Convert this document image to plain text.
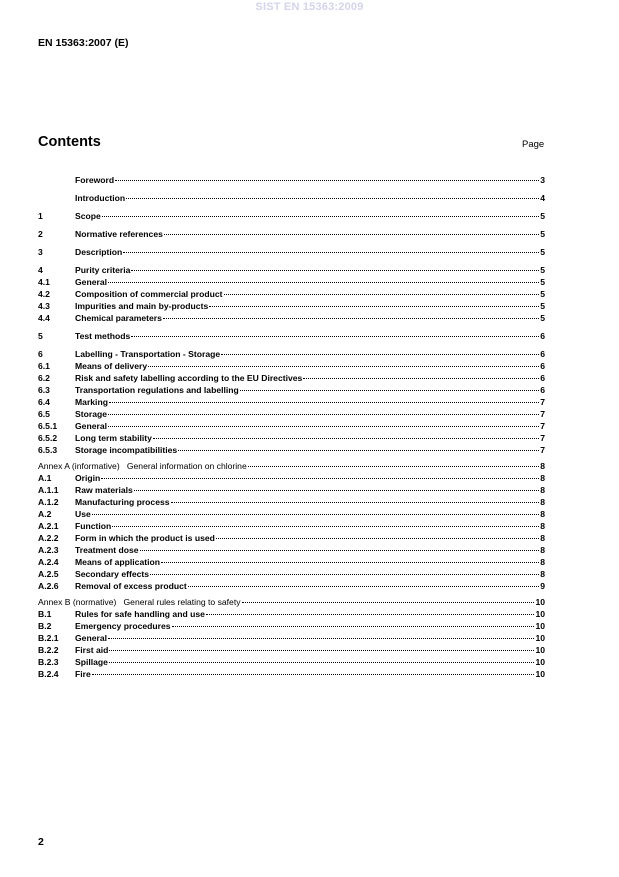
SIST EN 15363:2009
EN 15363:2007 (E)
Contents	Page
Foreword	3
Introduction	4
1	Scope	5
2	Normative references	5
3	Description	5
4	Purity criteria	5
4.1	General	5
4.2	Composition of commercial product	5
4.3	Impurities and main by-products	5
4.4	Chemical parameters	5
5	Test methods	6
6	Labelling - Transportation - Storage	6
6.1	Means of delivery	6
6.2	Risk and safety labelling according to the EU Directives	6
6.3	Transportation regulations and labelling	6
6.4	Marking	7
6.5	Storage	7
6.5.1	General	7
6.5.2	Long term stability	7
6.5.3	Storage incompatibilities	7
Annex A (informative)   General information on chlorine	8
A.1	Origin	8
A.1.1	Raw materials	8
A.1.2	Manufacturing process	8
A.2	Use	8
A.2.1	Function	8
A.2.2	Form in which the product is used	8
A.2.3	Treatment dose	8
A.2.4	Means of application	8
A.2.5	Secondary effects	8
A.2.6	Removal of excess product	9
Annex B (normative)   General rules relating to safety	10
B.1	Rules for safe handling and use	10
B.2	Emergency procedures	10
B.2.1	General	10
B.2.2	First aid	10
B.2.3	Spillage	10
B.2.4	Fire	10
2
